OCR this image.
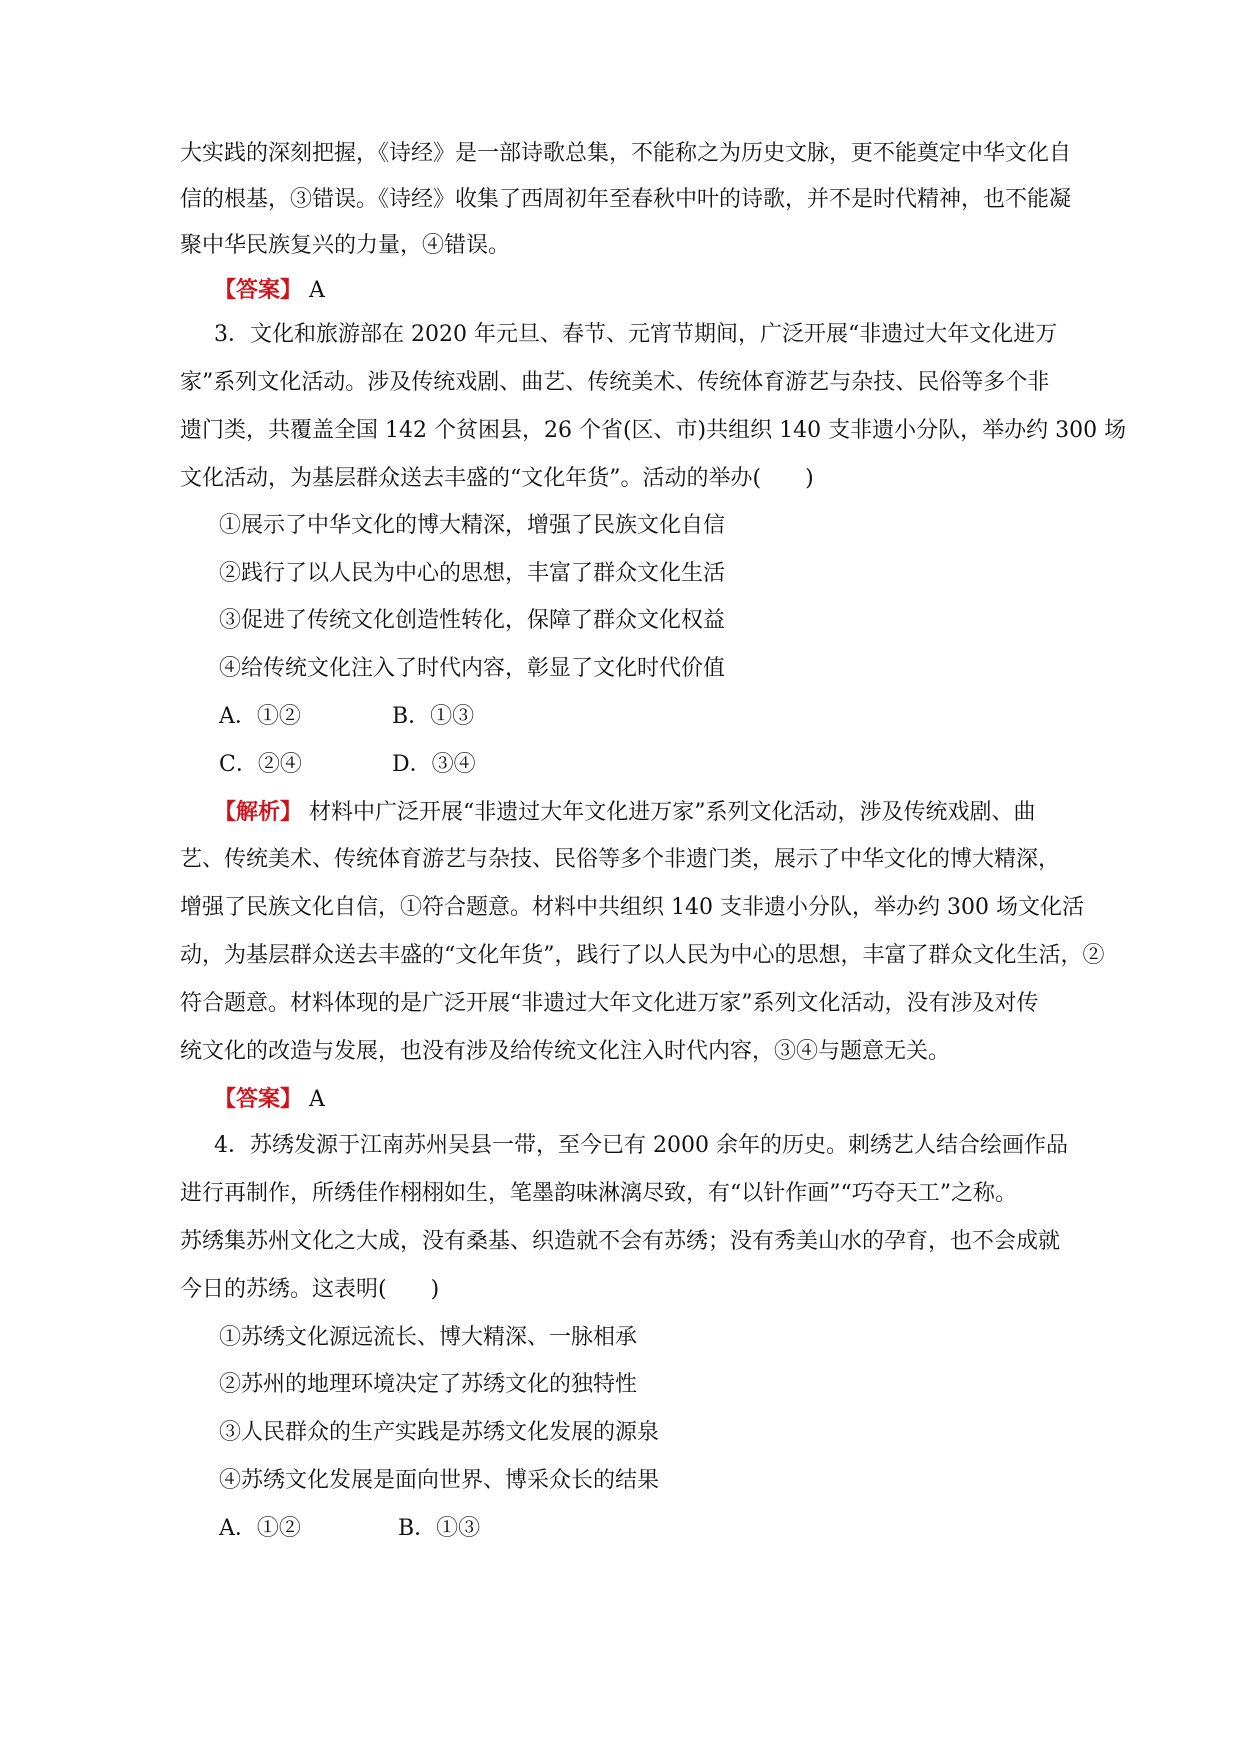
大实践的深刻把握，《诗经》是一部诗歌总集，不能称之为历史文脉，更不能奠定中华文化自
信的根基，③错误。《诗经》收集了西周初年至春秋中叶的诗歌，并不是时代精神，也不能凝
聚中华民族复兴的力量，④错误。
【答案】 A
3．文化和旅游部在 2020 年元旦、春节、元宵节期间，广泛开展“非遗过大年文化进万
家”系列文化活动。涉及传统戏剧、曲艺、传统美术、传统体育游艺与杂技、民俗等多个非
遗门类，共覆盖全国 142 个贫困县，26 个省(区、市)共组织 140 支非遗小分队，举办约 300 场
文化活动，为基层群众送去丰盛的“文化年货”。活动的举办(　　)
①展示了中华文化的博大精深，增强了民族文化自信
②践行了以人民为中心的思想，丰富了群众文化生活
③促进了传统文化创造性转化，保障了群众文化权益
④给传统文化注入了时代内容，彰显了文化时代价值
A．①②	B．①③
C．②④	D．③④
【解析】 材料中广泛开展“非遗过大年文化进万家”系列文化活动，涉及传统戏剧、曲
艺、传统美术、传统体育游艺与杂技、民俗等多个非遗门类，展示了中华文化的博大精深，
增强了民族文化自信，①符合题意。材料中共组织 140 支非遗小分队，举办约 300 场文化活
动，为基层群众送去丰盛的“文化年货”，践行了以人民为中心的思想，丰富了群众文化生活，②
符合题意。材料体现的是广泛开展“非遗过大年文化进万家”系列文化活动，没有涉及对传
统文化的改造与发展，也没有涉及给传统文化注入时代内容，③④与题意无关。
【答案】 A
4．苏绣发源于江南苏州吴县一带，至今已有 2000 余年的历史。刺绣艺人结合绘画作品
进行再制作，所绣佳作栩栩如生，笔墨韵味淋漓尽致，有“以针作画”“巧夺天工”之称。
苏绣集苏州文化之大成，没有桑基、织造就不会有苏绣；没有秀美山水的孕育，也不会成就
今日的苏绣。这表明(　　)
①苏绣文化源远流长、博大精深、一脉相承
②苏州的地理环境决定了苏绣文化的独特性
③人民群众的生产实践是苏绣文化发展的源泉
④苏绣文化发展是面向世界、博采众长的结果
A．①②	B．①③
